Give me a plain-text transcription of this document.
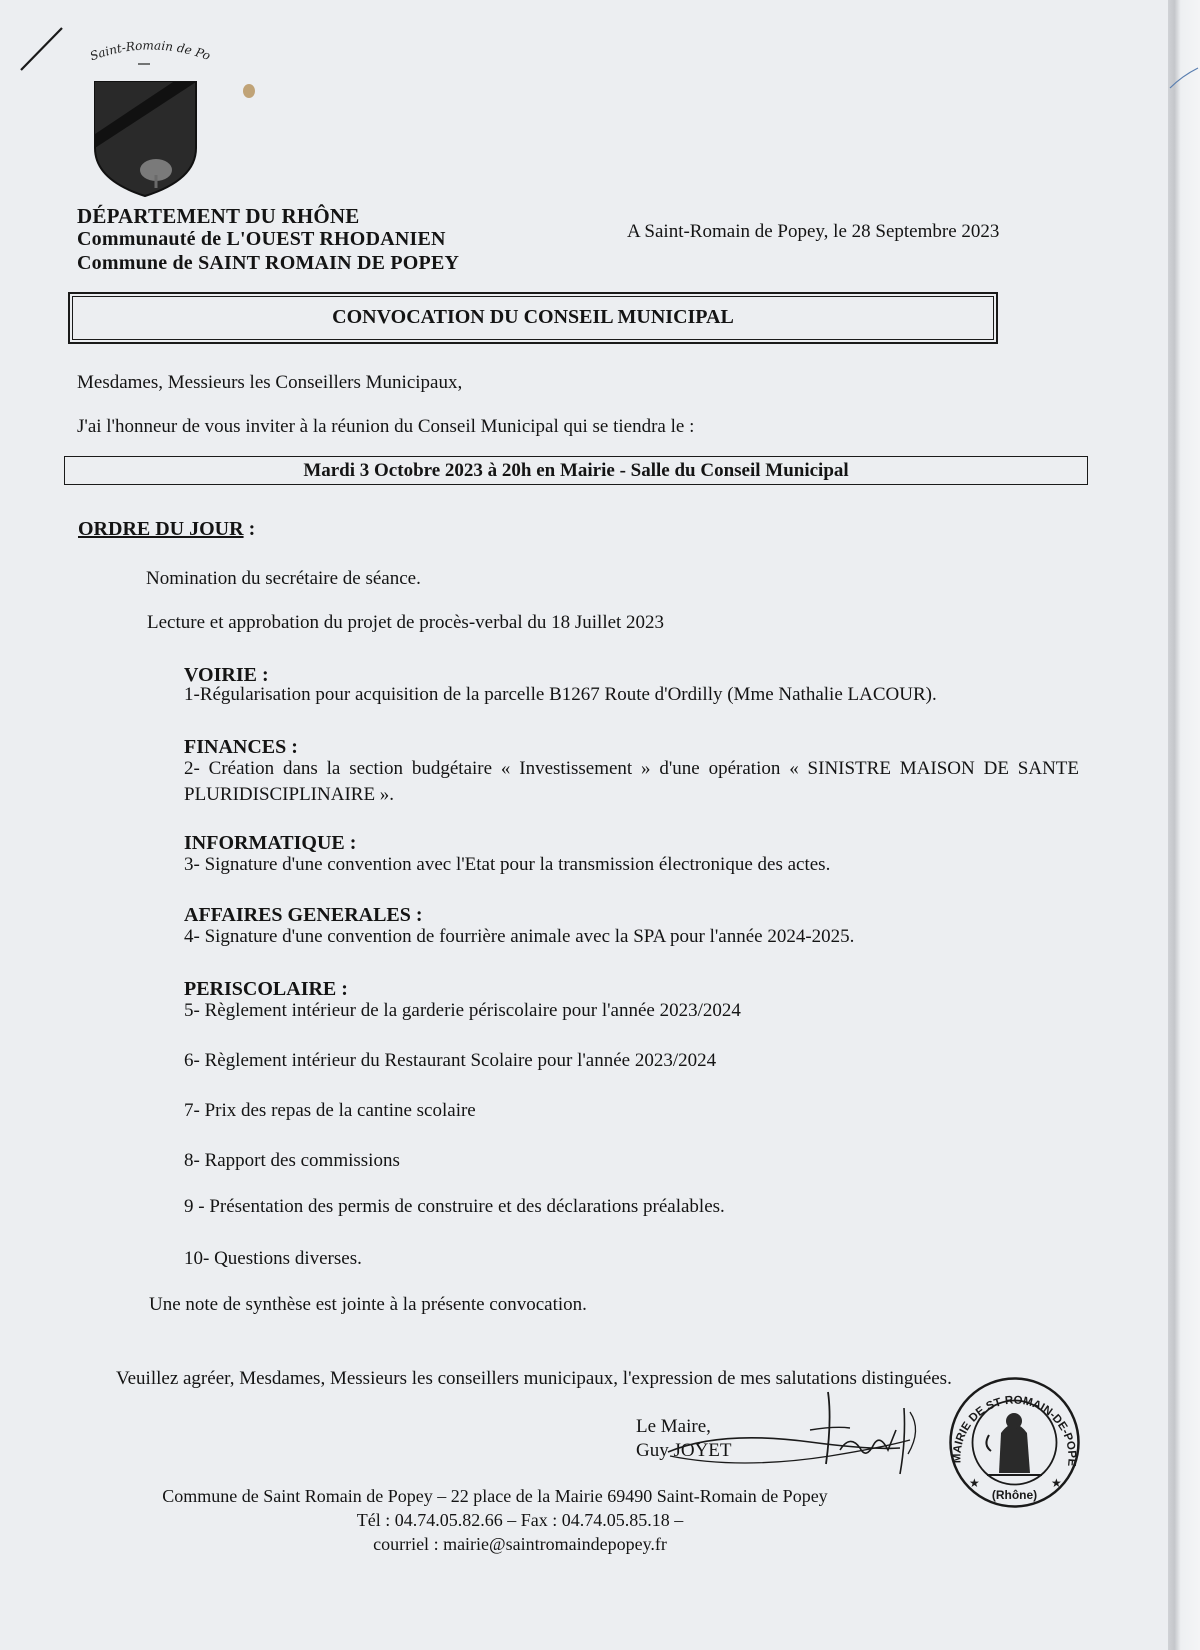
Saint-Romain de Po
DÉPARTEMENT DU RHÔNE
Communauté de L'OUEST RHODANIEN
Commune de SAINT ROMAIN DE POPEY
A Saint-Romain de Popey, le 28 Septembre 2023
CONVOCATION DU CONSEIL MUNICIPAL
Mesdames, Messieurs les Conseillers Municipaux,
J'ai l'honneur de vous inviter à la réunion du Conseil Municipal qui se tiendra le :
Mardi 3 Octobre 2023 à 20h en Mairie - Salle du Conseil Municipal
ORDRE DU JOUR :
Nomination du secrétaire de séance.
Lecture et approbation du projet de procès-verbal du 18 Juillet 2023
VOIRIE :
1-Régularisation pour acquisition de la parcelle B1267 Route d'Ordilly (Mme Nathalie LACOUR).
FINANCES :
2- Création dans la section budgétaire « Investissement » d'une opération « SINISTRE MAISON DE SANTE PLURIDISCIPLINAIRE ».
INFORMATIQUE :
3- Signature d'une convention avec l'Etat pour la transmission électronique des actes.
AFFAIRES GENERALES :
4- Signature d'une convention de fourrière animale avec la SPA pour l'année 2024-2025.
PERISCOLAIRE :
5- Règlement intérieur de la garderie périscolaire pour l'année 2023/2024
6- Règlement intérieur du Restaurant Scolaire pour l'année 2023/2024
7- Prix des repas de la cantine scolaire
8- Rapport des commissions
9 - Présentation des permis de construire et des déclarations préalables.
10- Questions diverses.
Une note de synthèse est jointe à la présente convocation.
Veuillez agréer, Mesdames, Messieurs les conseillers municipaux, l'expression de mes salutations distinguées.
Le Maire,
Guy JOYET	MAIRIE DE ST ROMAIN-DE-POPE
(Rhône)
★	★
Commune de Saint Romain de Popey – 22 place de la Mairie 69490 Saint-Romain de Popey
Tél : 04.74.05.82.66 – Fax : 04.74.05.85.18 –
courriel : mairie@saintromaindepopey.fr
